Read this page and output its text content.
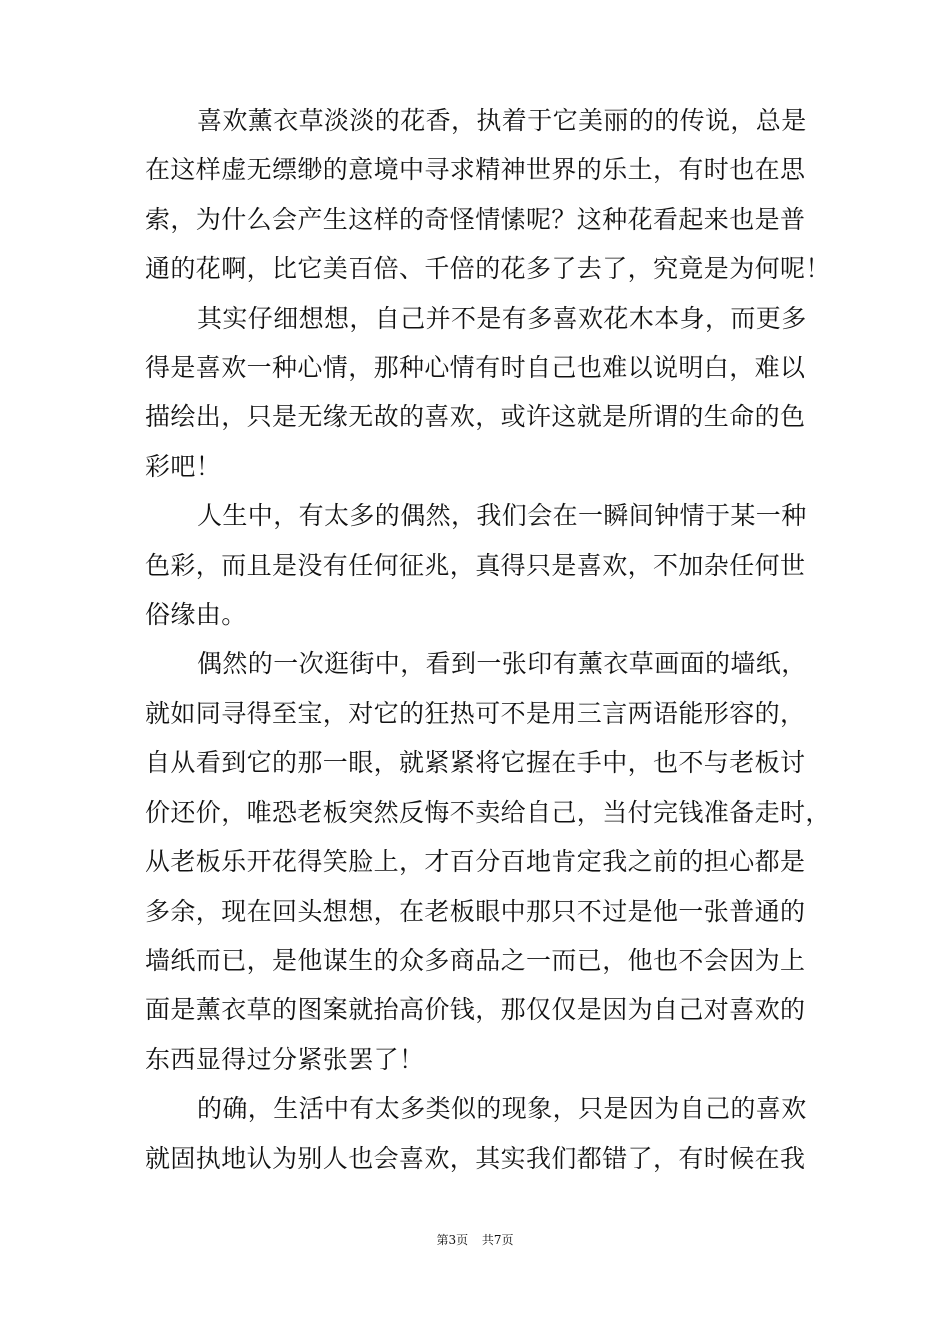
喜欢薰衣草淡淡的花香，执着于它美丽的的传说，总是
在这样虚无缥缈的意境中寻求精神世界的乐土，有时也在思
索，为什么会产生这样的奇怪情愫呢？这种花看起来也是普
通的花啊，比它美百倍、千倍的花多了去了，究竟是为何呢！
其实仔细想想，自己并不是有多喜欢花木本身，而更多
得是喜欢一种心情，那种心情有时自己也难以说明白，难以
描绘出，只是无缘无故的喜欢，或许这就是所谓的生命的色
彩吧！
人生中，有太多的偶然，我们会在一瞬间钟情于某一种
色彩，而且是没有任何征兆，真得只是喜欢，不加杂任何世
俗缘由。
偶然的一次逛街中，看到一张印有薰衣草画面的墙纸，
就如同寻得至宝，对它的狂热可不是用三言两语能形容的，
自从看到它的那一眼，就紧紧将它握在手中，也不与老板讨
价还价，唯恐老板突然反悔不卖给自己，当付完钱准备走时，
从老板乐开花得笑脸上，才百分百地肯定我之前的担心都是
多余，现在回头想想，在老板眼中那只不过是他一张普通的
墙纸而已，是他谋生的众多商品之一而已，他也不会因为上
面是薰衣草的图案就抬高价钱，那仅仅是因为自己对喜欢的
东西显得过分紧张罢了！
的确，生活中有太多类似的现象，只是因为自己的喜欢
就固执地认为别人也会喜欢，其实我们都错了，有时候在我
第3页 共7页
